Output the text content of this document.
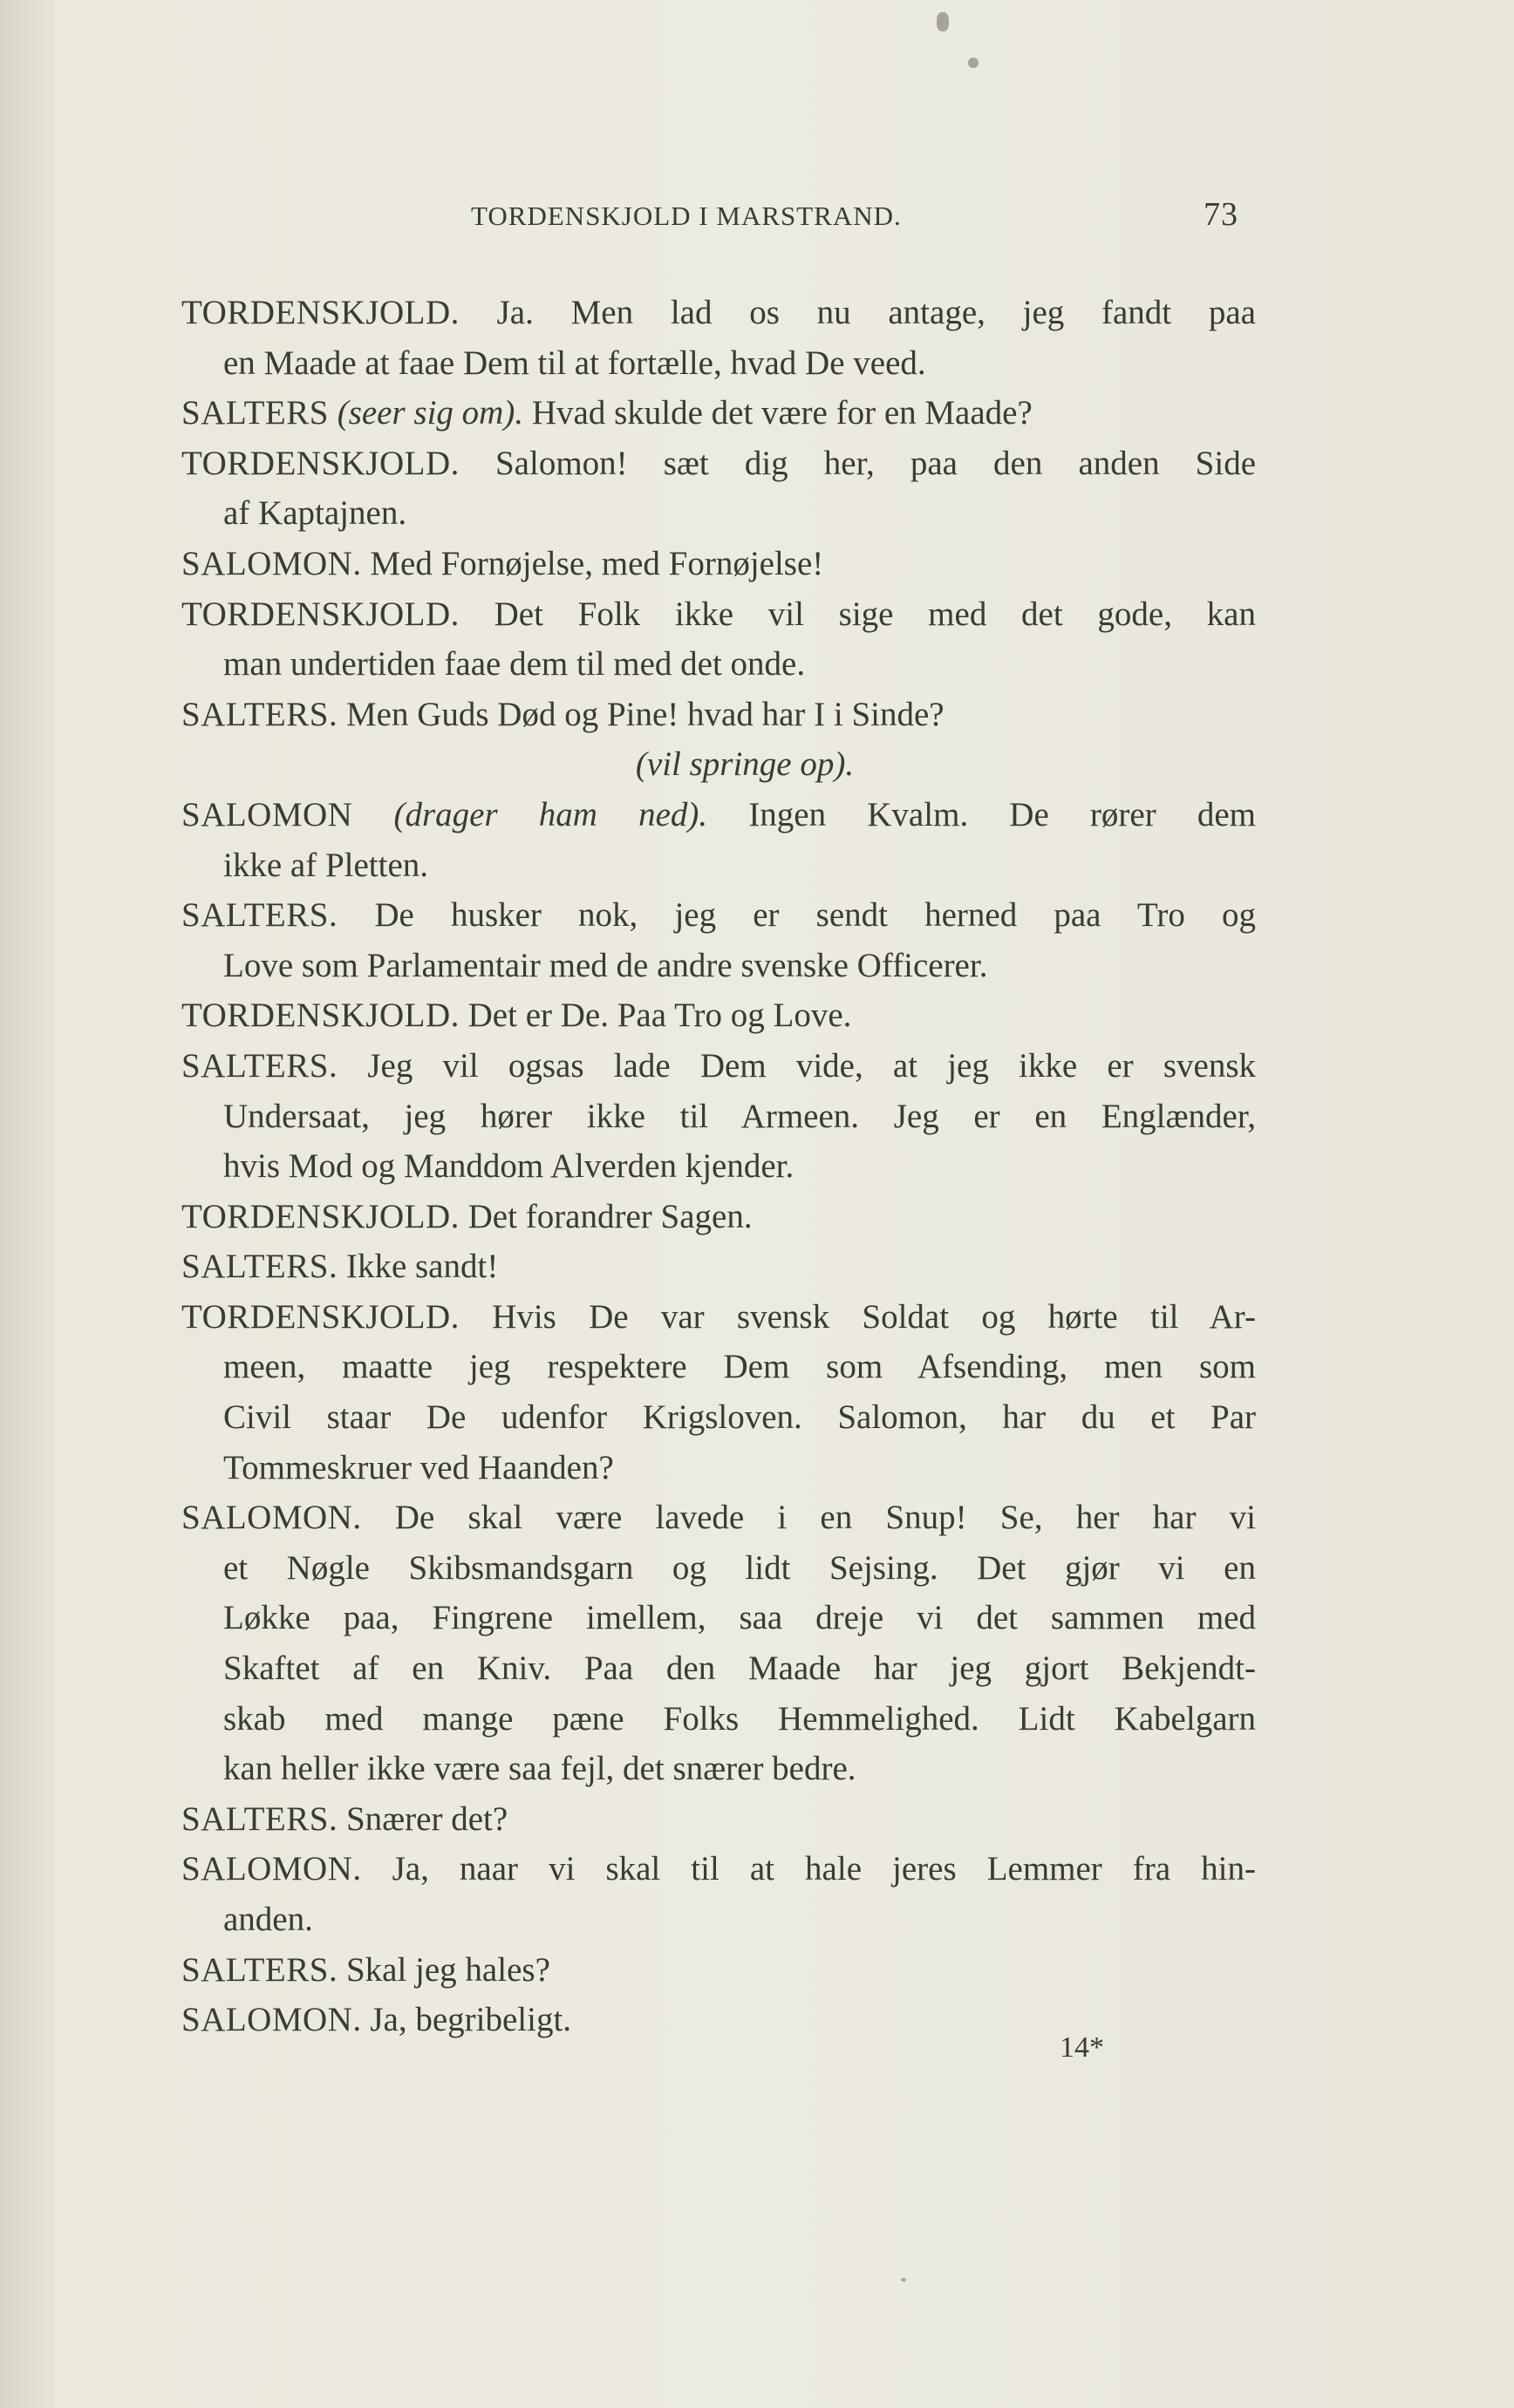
TORDENSKJOLD I MARSTRAND.	73

TORDENSKJOLD. Ja. Men lad os nu antage, jeg fandt paa
en Maade at faae Dem til at fortælle, hvad De veed.

SALTERS (seer sig om). Hvad skulde det være for en Maade?

TORDENSKJOLD. Salomon! sæt dig her, paa den anden Side
af Kaptajnen.

SALOMON. Med Fornøjelse, med Fornøjelse!

TORDENSKJOLD. Det Folk ikke vil sige med det gode, kan
man undertiden faae dem til med det onde.

SALTERS. Men Guds Død og Pine! hvad har I i Sinde?
(vil springe op).

SALOMON (drager ham ned). Ingen Kvalm. De rører dem
ikke af Pletten.

SALTERS. De husker nok, jeg er sendt herned paa Tro og
Love som Parlamentair med de andre svenske Officerer.

TORDENSKJOLD. Det er De. Paa Tro og Love.

SALTERS. Jeg vil ogsas lade Dem vide, at jeg ikke er svensk
Undersaat, jeg hører ikke til Armeen. Jeg er en Englænder,
hvis Mod og Manddom Alverden kjender.

TORDENSKJOLD. Det forandrer Sagen.

SALTERS. Ikke sandt!

TORDENSKJOLD. Hvis De var svensk Soldat og hørte til Ar-
meen, maatte jeg respektere Dem som Afsending, men som
Civil staar De udenfor Krigsloven. Salomon, har du et Par
Tommeskruer ved Haanden?

SALOMON. De skal være lavede i en Snup! Se, her har vi
et Nøgle Skibsmandsgarn og lidt Sejsing. Det gjør vi en
Løkke paa, Fingrene imellem, saa dreje vi det sammen med
Skaftet af en Kniv. Paa den Maade har jeg gjort Bekjendt-
skab med mange pæne Folks Hemmelighed. Lidt Kabelgarn
kan heller ikke være saa fejl, det snærer bedre.

SALTERS. Snærer det?

SALOMON. Ja, naar vi skal til at hale jeres Lemmer fra hin-
anden.

SALTERS. Skal jeg hales?

SALOMON. Ja, begribeligt.

14*
